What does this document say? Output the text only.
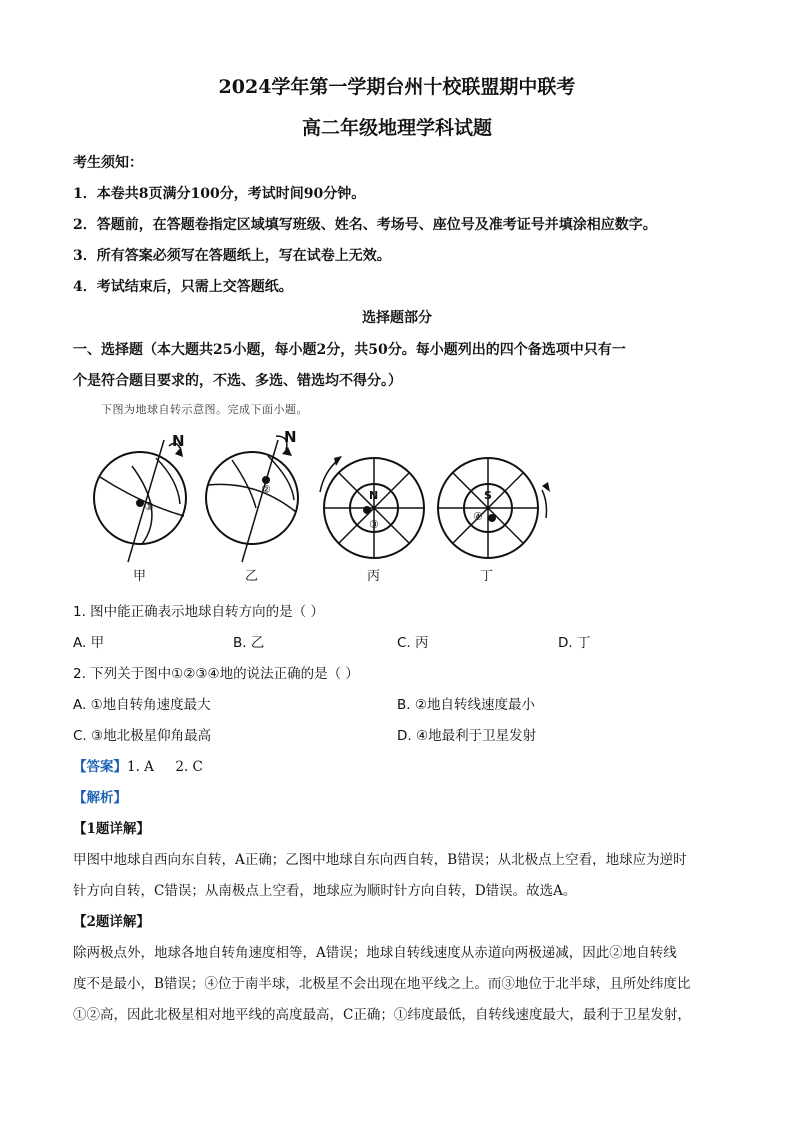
2024学年第一学期台州十校联盟期中联考
高二年级地理学科试题
考生须知：
1．本卷共8页满分100分，考试时间90分钟。
2．答题前，在答题卷指定区域填写班级、姓名、考场号、座位号及准考证号并填涂相应数字。
3．所有答案必须写在答题纸上，写在试卷上无效。
4．考试结束后，只需上交答题纸。
选择题部分
一、选择题（本大题共25小题，每小题2分，共50分。每小题列出的四个备选项中只有一
个是符合题目要求的，不选、多选、错选均不得分。）
下图为地球自转示意图。完成下面小题。
N	N
N	S
①
②
③
④
甲	乙	丙	丁
1. 图中能正确表示地球自转方向的是（ ）
A. 甲	B. 乙	C. 丙	D. 丁
2. 下列关于图中①②③④地的说法正确的是（ ）
A. ①地自转角速度最大	B. ②地自转线速度最小
C. ③地北极星仰角最高	D. ④地最利于卫星发射
【答案】1. A     2. C
【解析】
【1题详解】
甲图中地球自西向东自转，A正确；乙图中地球自东向西自转，B错误；从北极点上空看，地球应为逆时
针方向自转，C错误；从南极点上空看，地球应为顺时针方向自转，D错误。故选A。
【2题详解】
除两极点外，地球各地自转角速度相等，A错误；地球自转线速度从赤道向两极递减，因此②地自转线
度不是最小，B错误；④位于南半球，北极星不会出现在地平线之上。而③地位于北半球，且所处纬度比
①②高，因此北极星相对地平线的高度最高，C正确；①纬度最低，自转线速度最大，最利于卫星发射，
